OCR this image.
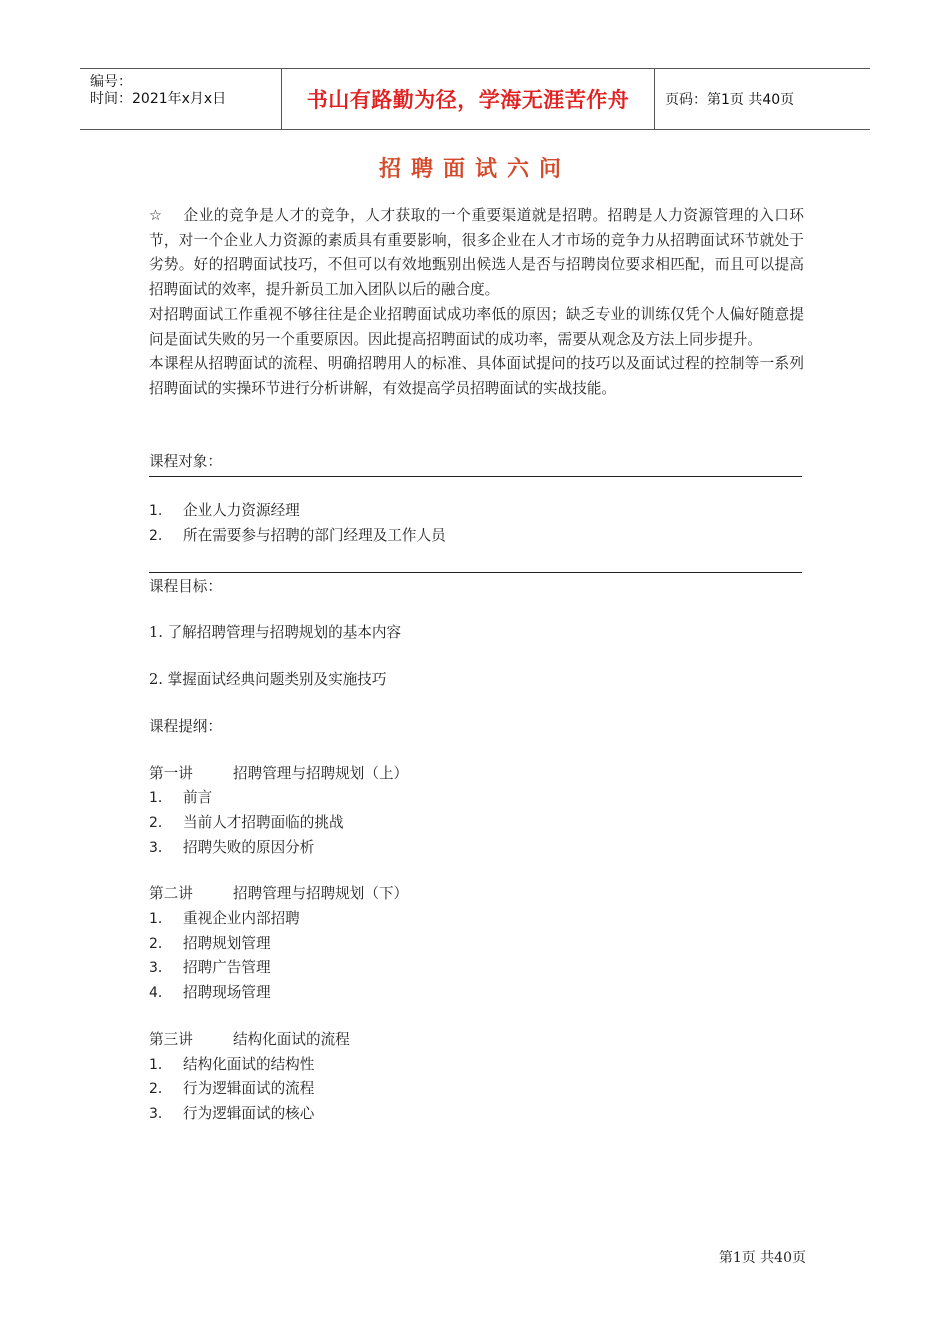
编号：
时间：2021年x月x日	书山有路勤为径，学海无涯苦作舟	页码：第1页 共40页
招聘面试六问

☆ 企业的竞争是人才的竞争，人才获取的一个重要渠道就是招聘。招聘是人力资源管理的入口环节，对一个企业人力资源的素质具有重要影响，很多企业在人才市场的竞争力从招聘面试环节就处于劣势。好的招聘面试技巧，不但可以有效地甄别出候选人是否与招聘岗位要求相匹配，而且可以提高招聘面试的效率，提升新员工加入团队以后的融合度。

对招聘面试工作重视不够往往是企业招聘面试成功率低的原因；缺乏专业的训练仅凭个人偏好随意提问是面试失败的另一个重要原因。因此提高招聘面试的成功率，需要从观念及方法上同步提升。

本课程从招聘面试的流程、明确招聘用人的标准、具体面试提问的技巧以及面试过程的控制等一系列招聘面试的实操环节进行分析讲解，有效提高学员招聘面试的实战技能。

课程对象：

1. 企业人力资源经理

2. 所在需要参与招聘的部门经理及工作人员

课程目标：

1. 了解招聘管理与招聘规划的基本内容

2. 掌握面试经典问题类别及实施技巧

课程提纲：

第一讲	招聘管理与招聘规划（上）

1． 前言

2． 当前人才招聘面临的挑战

3． 招聘失败的原因分析

第二讲	招聘管理与招聘规划（下）

1． 重视企业内部招聘

2． 招聘规划管理

3． 招聘广告管理

4． 招聘现场管理

第三讲	结构化面试的流程

1． 结构化面试的结构性

2． 行为逻辑面试的流程

3． 行为逻辑面试的核心

第1页 共40页
